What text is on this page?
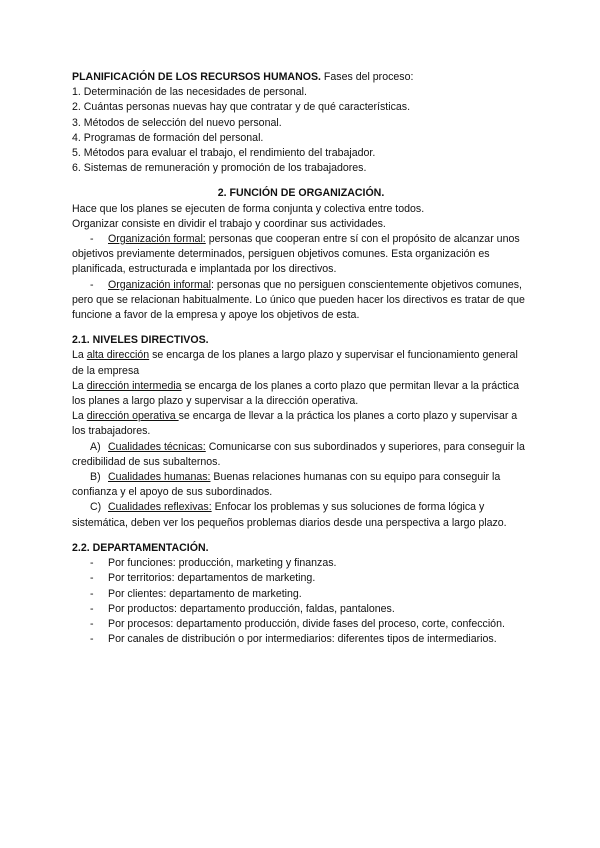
PLANIFICACIÓN DE LOS RECURSOS HUMANOS. Fases del proceso:

1. Determinación de las necesidades de personal.

2. Cuántas personas nuevas hay que contratar y de qué características.

3. Métodos de selección del nuevo personal.

4. Programas de formación del personal.

5. Métodos para evaluar el trabajo, el rendimiento del trabajador.

6. Sistemas de remuneración y promoción de los trabajadores.

2. FUNCIÓN DE ORGANIZACIÓN.

Hace que los planes se ejecuten de forma conjunta y colectiva entre todos.

Organizar consiste en dividir el trabajo y coordinar sus actividades.

- Organización formal: personas que cooperan entre sí con el propósito de alcanzar unos objetivos previamente determinados, persiguen objetivos comunes. Esta organización es planificada, estructurada e implantada por los directivos.

- Organización informal: personas que no persiguen conscientemente objetivos comunes, pero que se relacionan habitualmente. Lo único que pueden hacer los directivos es tratar de que funcione a favor de la empresa y apoye los objetivos de esta.

2.1. NIVELES DIRECTIVOS.

La alta dirección se encarga de los planes a largo plazo y supervisar el funcionamiento general de la empresa

La dirección intermedia se encarga de los planes a corto plazo que permitan llevar a la práctica los planes a largo plazo y supervisar a la dirección operativa.

La dirección operativa se encarga de llevar a la práctica los planes a corto plazo y supervisar a los trabajadores.

A) Cualidades técnicas: Comunicarse con sus subordinados y superiores, para conseguir la credibilidad de sus subalternos.

B) Cualidades humanas: Buenas relaciones humanas con su equipo para conseguir la confianza y el apoyo de sus subordinados.

C) Cualidades reflexivas: Enfocar los problemas y sus soluciones de forma lógica y sistemática, deben ver los pequeños problemas diarios desde una perspectiva a largo plazo.

2.2. DEPARTAMENTACIÓN.

- Por funciones: producción, marketing y finanzas.
- Por territorios: departamentos de marketing.
- Por clientes: departamento de marketing.
- Por productos: departamento producción, faldas, pantalones.
- Por procesos: departamento producción, divide fases del proceso, corte, confección.
- Por canales de distribución o por intermediarios: diferentes tipos de intermediarios.
